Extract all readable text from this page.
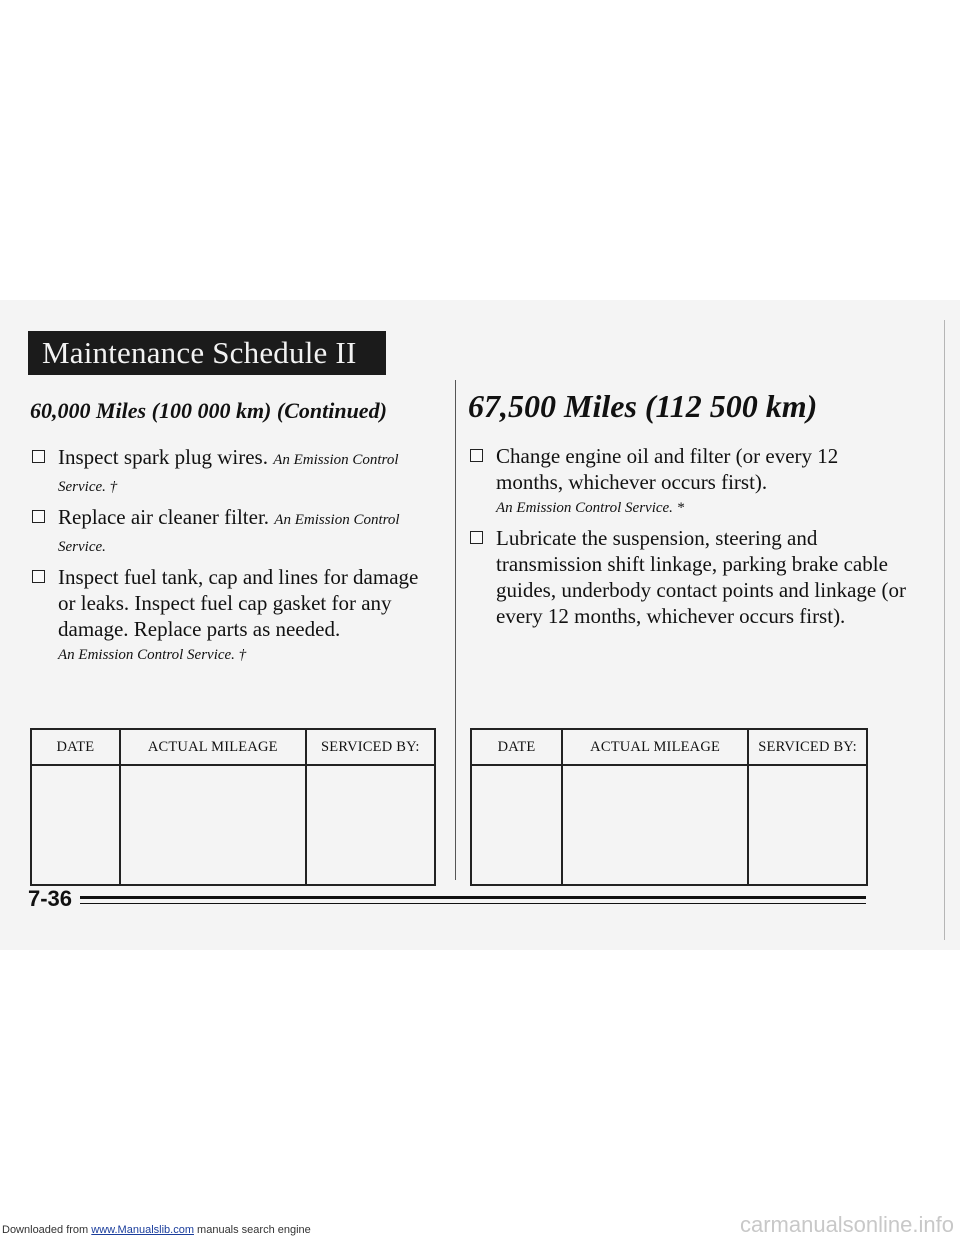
Maintenance Schedule II
60,000 Miles (100 000 km) (Continued)
Inspect spark plug wires. An Emission Control Service. †
Replace air cleaner filter. An Emission Control Service.
Inspect fuel tank, cap and lines for damage or leaks. Inspect fuel cap gasket for any damage. Replace parts as needed.
An Emission Control Service. †
67,500 Miles (112 500 km)
Change engine oil and filter (or every 12 months, whichever occurs first).
An Emission Control Service. *
Lubricate the suspension, steering and transmission shift linkage, parking brake cable guides, underbody contact points and linkage (or every 12 months, whichever occurs first).
DATE	ACTUAL MILEAGE	SERVICED BY:
			DATE	ACTUAL MILEAGE	SERVICED BY:

7-36
Downloaded from www.Manualslib.com manuals search engine	carmanualsonline.info
